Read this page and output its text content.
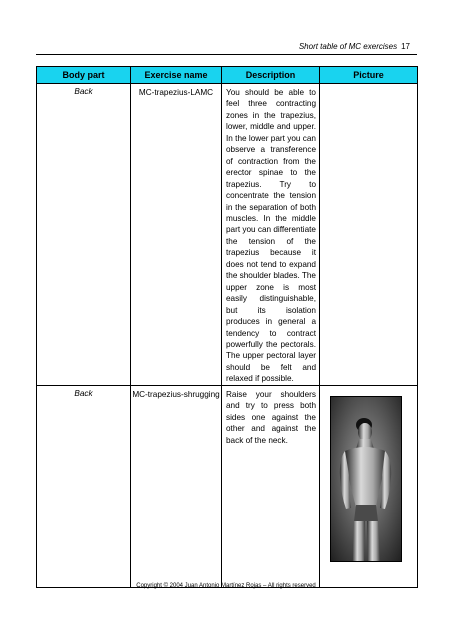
Short table of MC exercises 17
Body part	Exercise name	Description	Picture
Back	MC-trapezius-LAMC	You should be able to feel three contracting zones in the trapezius, lower, middle and upper. In the lower part you can observe a transference of contraction from the erector spinae to the trapezius. Try to concentrate the tension in the separation of both muscles. In the middle part you can differentiate the tension of the trapezius because it does not tend to expand the shoulder blades. The upper zone is most easily distinguishable, but its isolation produces in general a tendency to contract powerfully the pectorals. The upper pectoral layer should be felt and relaxed if possible.	
Back	MC-trapezius-shrugging	Raise your shoulders and try to press both sides one against the other and against the back of the neck.	
Copyright © 2004 Juan Antonio Martínez Rojas – All rights reserved
